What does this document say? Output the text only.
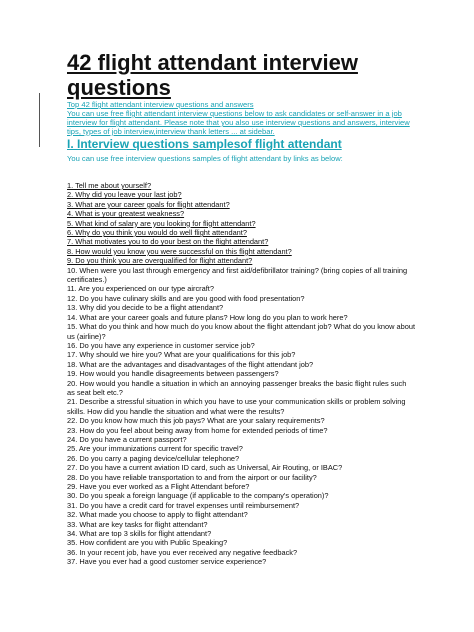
42 flight attendant interview questions
Top 42 flight attendant interview questions and answers
You can use free flight attendant interview questions below to ask candidates or self-answer in a job interview for flight attendant. Please note that you also use interview questions and answers, interview tips, types of job interview,interview thank letters ... at sidebar.
I. Interview questions samplesof flight attendant
You can use free interview questions samples of flight attendant by links as below:
1. Tell me about yourself?
2. Why did you leave your last job?
3. What are your career goals for flight attendant?
4. What is your greatest weakness?
5. What kind of salary are you looking for flight attendant?
6. Why do you think you would do well flight attendant?
7. What motivates you to do your best on the flight attendant?
8. How would you know you were successful on this flight attendant?
9. Do you think you are overqualified for flight attendant?
10. When were you last through emergency and first aid/defibrillator training? (bring copies of all training certificates.)
11. Are you experienced on our type aircraft?
12. Do you have culinary skills and are you good with food presentation?
13. Why did you decide to be a flight attendant?
14. What are your career goals and future plans? How long do you plan to work here?
15. What do you think and how much do you know about the flight attendant job? What do you know about us (airline)?
16. Do you have any experience in customer service job?
17. Why should we hire you? What are your qualifications for this job?
18. What are the advantages and disadvantages of the flight attendant job?
19. How would you handle disagreements between passengers?
20. How would you handle a situation in which an annoying passenger breaks the basic flight rules such as seat belt etc.?
21. Describe a stressful situation in which you have to use your communication skills or problem solving skills. How did you handle the situation and what were the results?
22. Do you know how much this job pays? What are your salary requirements?
23. How do you feel about being away from home for extended periods of time?
24. Do you have a current passport?
25. Are your immunizations current for specific travel?
26. Do you carry a paging device/cellular telephone?
27. Do you have a current aviation ID card, such as Universal, Air Routing, or IBAC?
28. Do you have reliable transportation to and from the airport or our facility?
29. Have you ever worked as a Flight Attendant before?
30. Do you speak a foreign language (if applicable to the company's operation)?
31. Do you have a credit card for travel expenses until reimbursement?
32. What made you choose to apply to flight attendant?
33. What are key tasks for flight attendant?
34. What are top 3 skills for flight attendant?
35. How confident are you with Public Speaking?
36. In your recent job, have you ever received any negative feedback?
37. Have you ever had a good customer service experience?
